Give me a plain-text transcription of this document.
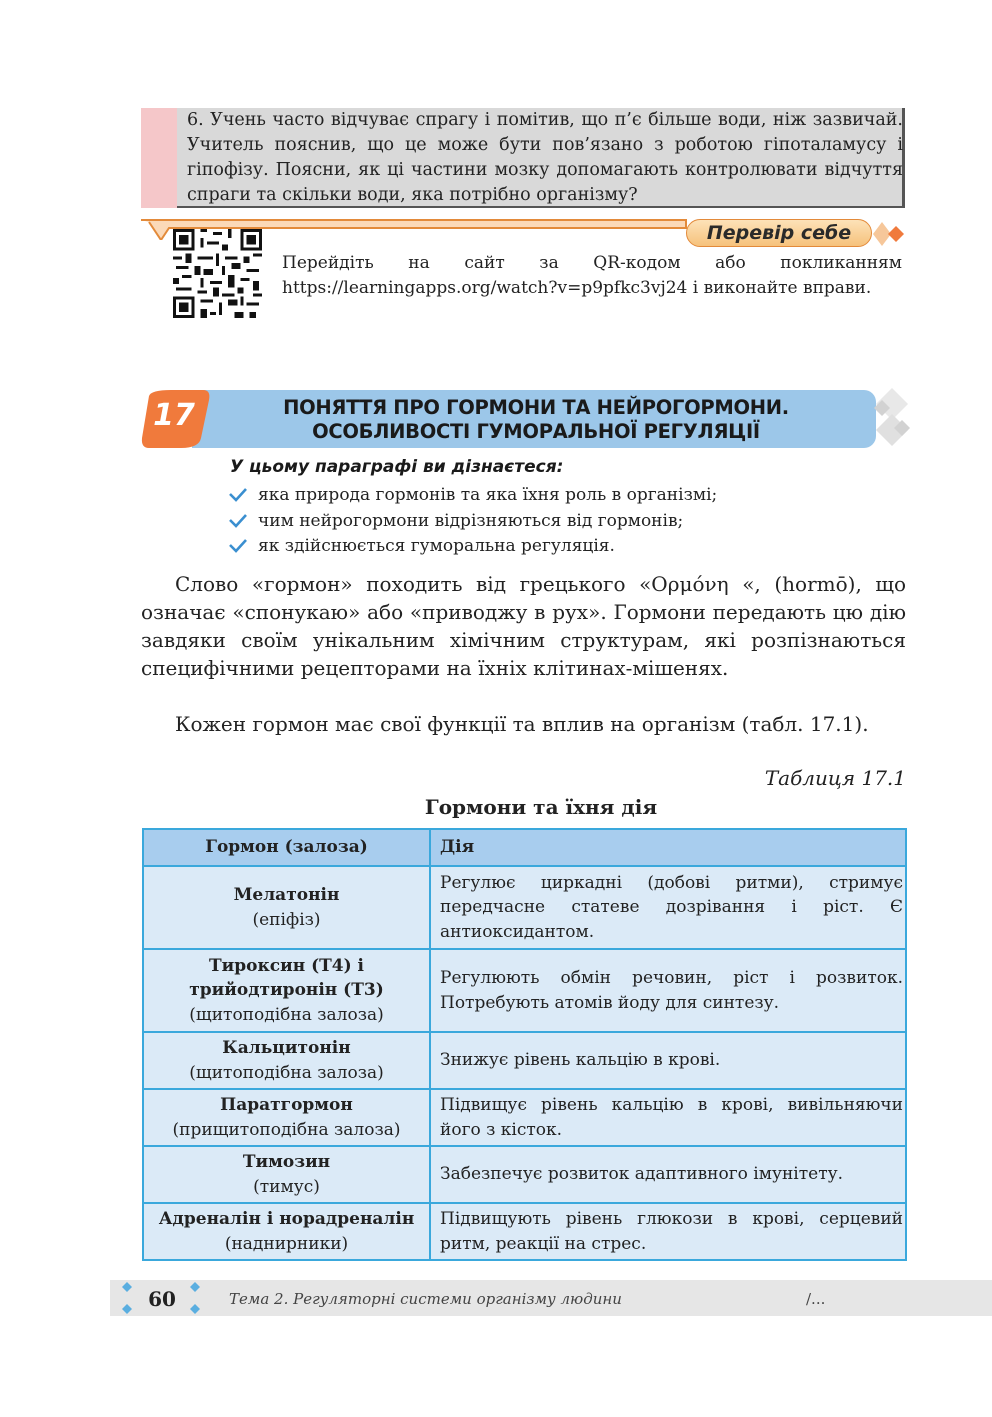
6. Учень часто відчуває спрагу і помітив, що п’є більше води, ніж зазвичай. Учитель пояснив, що це може бути пов’язано з роботою гіпоталамусу і гіпофізу. Поясни, як ці частини мозку допомагають контролювати відчуття спраги та скільки води, яка потрібно організму?
Перевір себе
Перейдіть на сайт за QR-кодом або покликанням https://learningapps.org/watch?v=p9pfkc3vj24 і виконайте вправи.
17	ПОНЯТТЯ ПРО ГОРМОНИ ТА НЕЙРОГОРМОНИ.
ОСОБЛИВОСТІ ГУМОРАЛЬНОЇ РЕГУЛЯЦІЇ
У цьому параграфі ви дізнаєтеся:
яка природа гормонів та яка їхня роль в організмі;
чим нейрогормони відрізняються від гормонів;
як здійснюється гуморальна регуляція.
Слово «гормон» походить від грецького «Ορμόνη «, (hormō), що означає «спонукаю» або «приводжу в рух». Гормони передають цю дію завдяки своїм унікальним хімічним структурам, які розпізнаються специфічними рецепторами на їхніх клітинах-мішенях.
Кожен гормон має свої функції та вплив на організм (табл. 17.1).
Таблиця 17.1
Гормони та їхня дія
Гормон (залоза)	Дія

Мелатонін
(епіфіз)	Регулює циркадні (добові ритми), стримує передчасне статеве дозрівання і ріст. Є антиоксидантом.

Тироксин (Т4) і трийодтиронін (Т3)
(щитоподібна залоза)	Регулюють обмін речовин, ріст і розвиток. Потребують атомів йоду для синтезу.

Кальцитонін
(щитоподібна залоза)	Знижує рівень кальцію в крові.

Паратгормон
(прищитоподібна залоза)	Підвищує рівень кальцію в крові, вивільняючи його з кісток.

Тимозин
(тимус)	Забезпечує розвиток адаптивного імунітету.

Адреналін і норадреналін
(наднирники)	Підвищують рівень глюкози в крові, серцевий ритм, реакції на стрес.
60	Тема 2. Регуляторні системи організму людини	/...
